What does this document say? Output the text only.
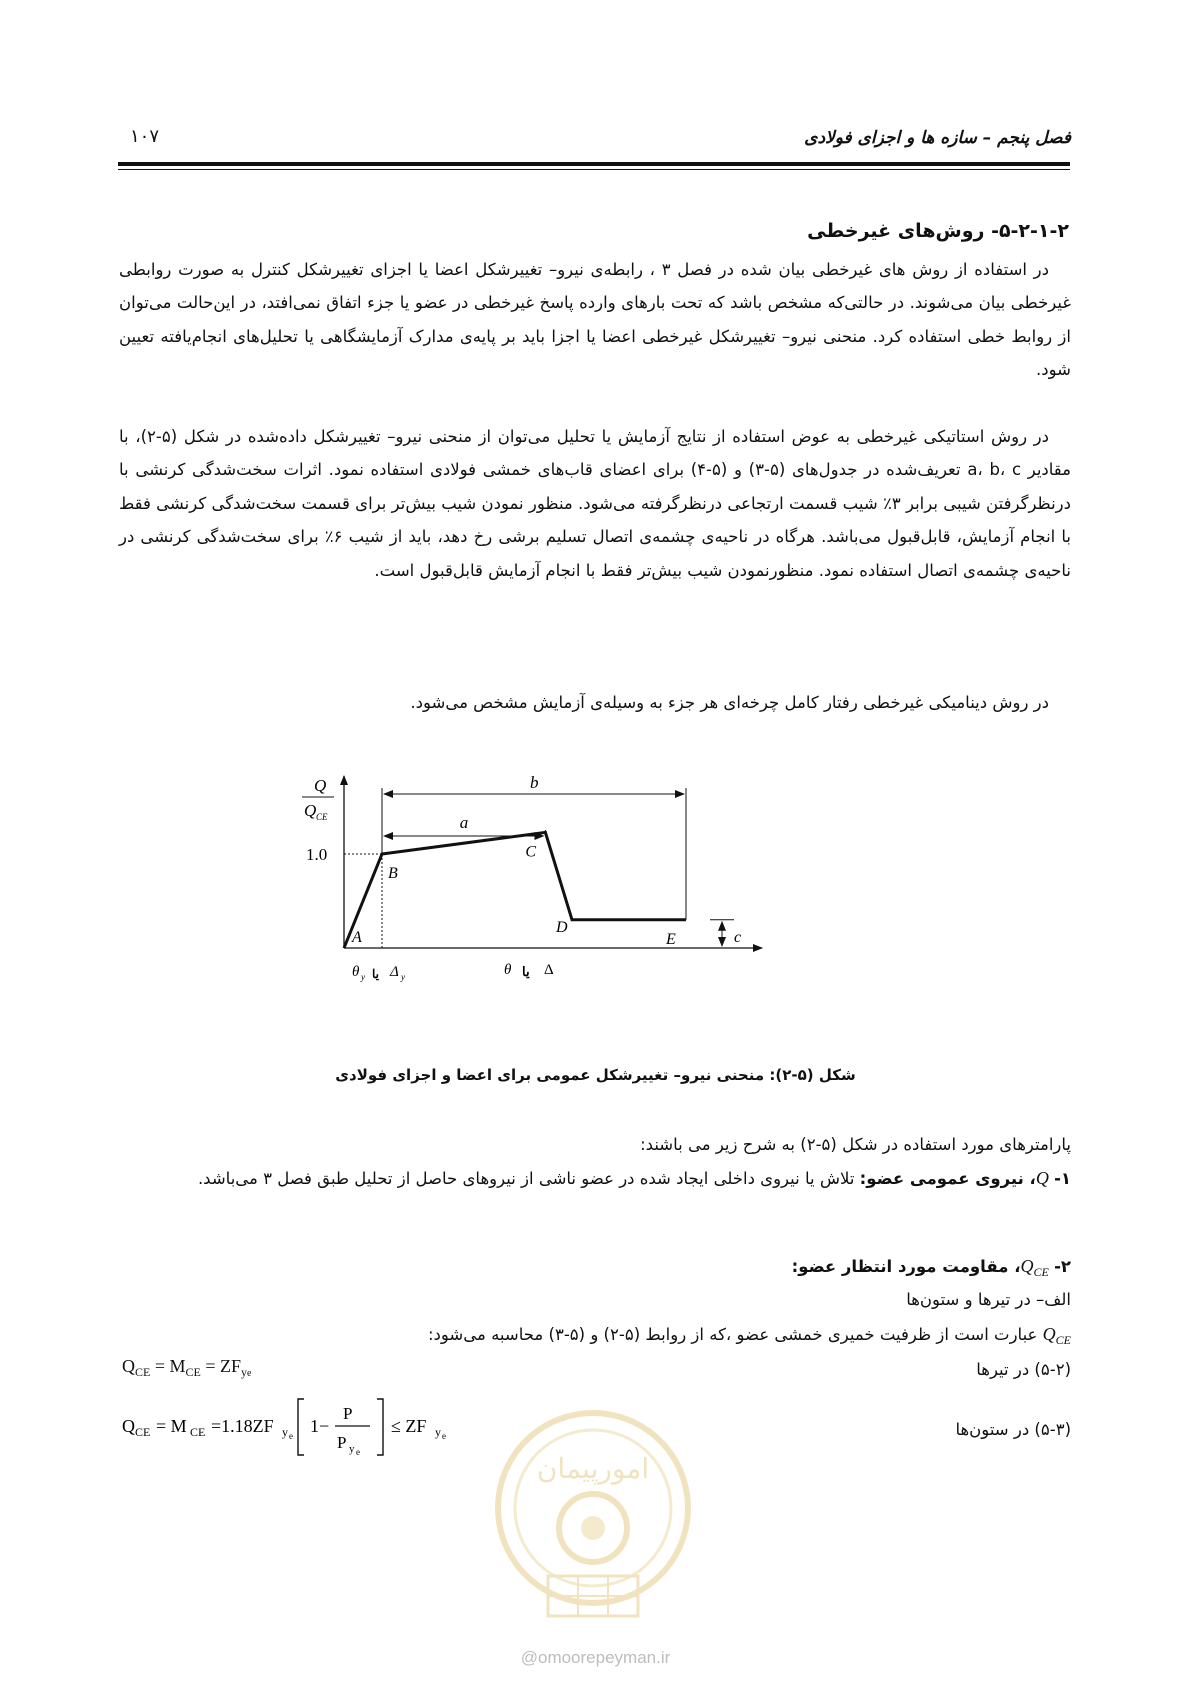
فصل پنجم – سازه ها و اجزای فولادی
۱۰۷
۵-۲-۱-۲- روش‌های غیرخطی
در استفاده از روش های غیرخطی بیان شده در فصل ۳ ، رابطه‌ی نیرو– تغییرشکل اعضا یا اجزای تغییرشکل کنترل به صورت روابطی غیرخطی بیان می‌شوند. در حالتی‌که مشخص باشد که تحت بارهای وارده پاسخ غیرخطی در عضو یا جزء اتفاق نمی‌افتد، در این‌حالت می‌توان از روابط خطی استفاده کرد. منحنی نیرو– تغییرشکل غیرخطی اعضا یا اجزا باید بر پایه‌ی مدارک آزمایشگاهی یا تحلیل‌های انجام‌یافته تعیین شود.
در روش استاتیکی غیرخطی به عوض استفاده از نتایج آزمایش یا تحلیل می‌توان از منحنی نیرو– تغییرشکل داده‌شده در شکل (۵-۲)، با مقادیر a، b، c تعریف‌شده در جدول‌های (۵-۳) و (۵-۴) برای اعضای قاب‌های خمشی فولادی استفاده نمود. اثرات سخت‌شدگی کرنشی با درنظرگرفتن شیبی برابر ۳٪ شیب قسمت ارتجاعی درنظرگرفته می‌شود. منظور نمودن شیب بیش‌تر برای قسمت سخت‌شدگی کرنشی فقط با انجام آزمایش، قابل‌قبول می‌باشد. هرگاه در ناحیه‌ی چشمه‌ی اتصال تسلیم برشی رخ دهد، باید از شیب ۶٪ برای سخت‌شدگی کرنشی در ناحیه‌ی چشمه‌ی اتصال استفاده نمود. منظورنمودن شیب بیش‌تر فقط با انجام آزمایش قابل‌قبول است.
در روش دینامیکی غیرخطی رفتار کامل چرخه‌ای هر جزء به وسیله‌ی آزمایش مشخص می‌شود.
Q
Q CE
1.0
A
B
C
D
E
b
a
c
θ y یا Δ y	θ یا Δ
شکل (۵-۲): منحنی نیرو– تغییرشکل عمومی برای اعضا و اجزای فولادی
پارامترهای مورد استفاده در شکل (۵-۲) به شرح زیر می باشند:
۱- Q، نیروی عمومی عضو: تلاش یا نیروی داخلی ایجاد شده در عضو ناشی از نیروهای حاصل از تحلیل طبق فصل ۳ می‌باشد.
۲- $Q_{CE}،$ مقاومت مورد انتظار عضو:
الف– در تیرها و ستون‌ها
$Q_{CE}$ عبارت است از ظرفیت خمیری خمشی عضو ،که از روابط (۵-۲) و (۵-۳) محاسبه می‌شود:
(۵-۲) در تیرها
$Q_{CE} = M_{CE} = ZF_{ye}$
(۵-۳) در ستون‌ها
Q CE = M CE =1.18ZF y e 1−
P
P y e
≤ ZF y e
امورپیمان
@omoorepeyman.ir
